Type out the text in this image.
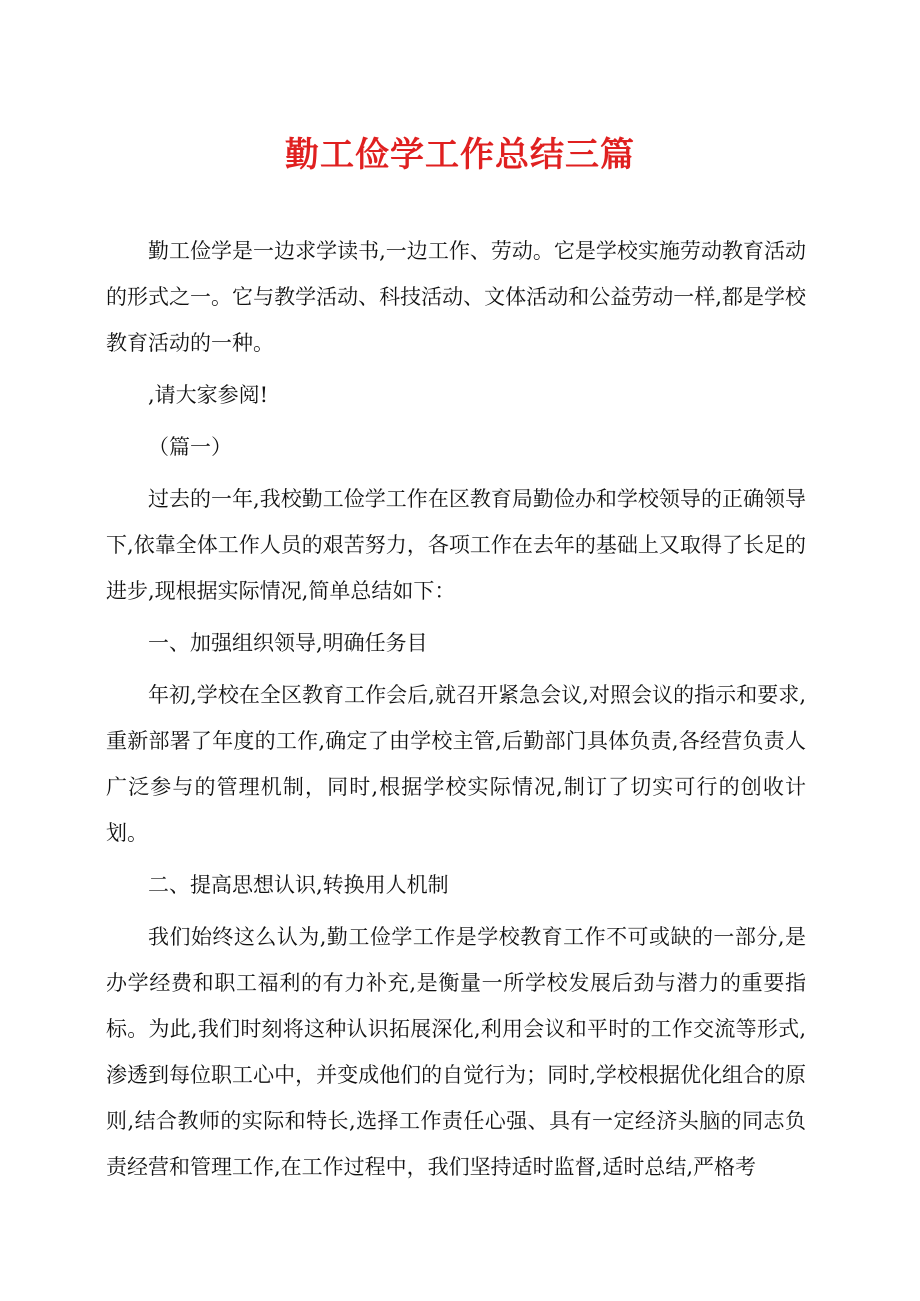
勤工俭学工作总结三篇

勤工俭学是一边求学读书,一边工作、劳动。它是学校实施劳动教育活动的形式之一。它与教学活动、科技活动、文体活动和公益劳动一样,都是学校教育活动的一种。

,请大家参阅!

（篇一）

过去的一年,我校勤工俭学工作在区教育局勤俭办和学校领导的正确领导下,依靠全体工作人员的艰苦努力，各项工作在去年的基础上又取得了长足的进步,现根据实际情况,简单总结如下：

一、加强组织领导,明确任务目

年初,学校在全区教育工作会后,就召开紧急会议,对照会议的指示和要求,重新部署了年度的工作,确定了由学校主管,后勤部门具体负责,各经营负责人广泛参与的管理机制，同时,根据学校实际情况,制订了切实可行的创收计划。

二、提高思想认识,转换用人机制

我们始终这么认为,勤工俭学工作是学校教育工作不可或缺的一部分,是办学经费和职工福利的有力补充,是衡量一所学校发展后劲与潜力的重要指标。为此,我们时刻将这种认识拓展深化,利用会议和平时的工作交流等形式,渗透到每位职工心中，并变成他们的自觉行为；同时,学校根据优化组合的原则,结合教师的实际和特长,选择工作责任心强、具有一定经济头脑的同志负责经营和管理工作,在工作过程中，我们坚持适时监督,适时总结,严格考
